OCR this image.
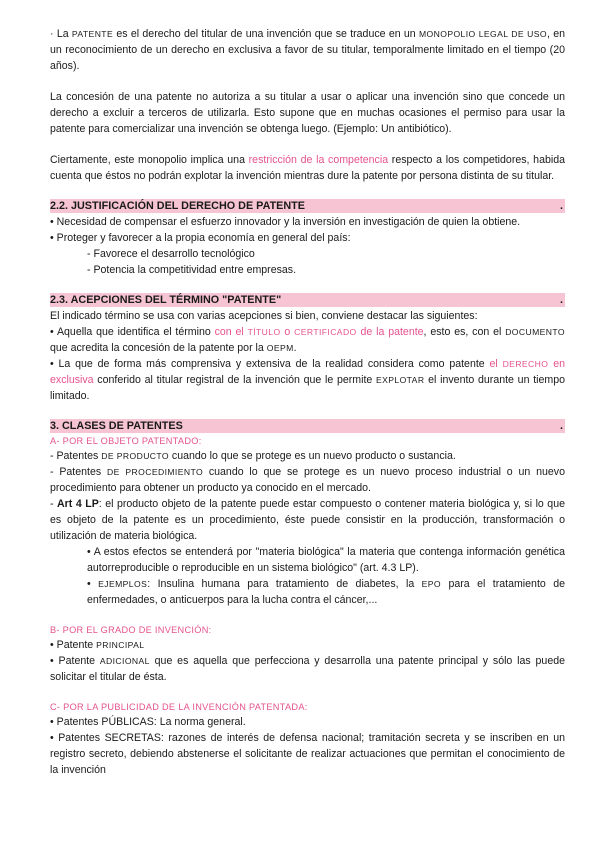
· La PATENTE es el derecho del titular de una invención que se traduce en un MONOPOLIO LEGAL DE USO, en un reconocimiento de un derecho en exclusiva a favor de su titular, temporalmente limitado en el tiempo (20 años).

La concesión de una patente no autoriza a su titular a usar o aplicar una invención sino que concede un derecho a excluir a terceros de utilizarla. Esto supone que en muchas ocasiones el permiso para usar la patente para comercializar una invención se obtenga luego. (Ejemplo: Un antibiótico).

Ciertamente, este monopolio implica una restricción de la competencia respecto a los competidores, habida cuenta que éstos no podrán explotar la invención mientras dure la patente por persona distinta de su titular.

2.2. JUSTIFICACIÓN DEL DERECHO DE PATENTE	.

• Necesidad de compensar el esfuerzo innovador y la inversión en investigación de quien la obtiene.

• Proteger y favorecer a la propia economía en general del país:

- Favorece el desarrollo tecnológico

- Potencia la competitividad entre empresas.

2.3. ACEPCIONES DEL TÉRMINO "PATENTE"	.

El indicado término se usa con varias acepciones si bien, conviene destacar las siguientes:

• Aquella que identifica el término con el TÍTULO o CERTIFICADO de la patente, esto es, con el DOCUMENTO que acredita la concesión de la patente por la OEPM.

• La que de forma más comprensiva y extensiva de la realidad considera como patente el DERECHO en exclusiva conferido al titular registral de la invención que le permite EXPLOTAR el invento durante un tiempo limitado.

3. CLASES DE PATENTES	.

A- POR EL OBJETO PATENTADO:

- Patentes DE PRODUCTO cuando lo que se protege es un nuevo producto o sustancia.

- Patentes DE PROCEDIMIENTO cuando lo que se protege es un nuevo proceso industrial o un nuevo procedimiento para obtener un producto ya conocido en el mercado.

- Art 4 LP: el producto objeto de la patente puede estar compuesto o contener materia biológica y, si lo que es objeto de la patente es un procedimiento, éste puede consistir en la producción, transformación o utilización de materia biológica.

• A estos efectos se entenderá por "materia biológica" la materia que contenga información genética autorreproducible o reproducible en un sistema biológico" (art. 4.3 LP).

• EJEMPLOS: Insulina humana para tratamiento de diabetes, la EPO para el tratamiento de enfermedades, o anticuerpos para la lucha contra el cáncer,...

B- POR EL GRADO DE INVENCIÓN:

• Patente PRINCIPAL

• Patente ADICIONAL que es aquella que perfecciona y desarrolla una patente principal y sólo las puede solicitar el titular de ésta.

C- POR LA PUBLICIDAD DE LA INVENCIÓN PATENTADA:

• Patentes PÚBLICAS: La norma general.

• Patentes SECRETAS: razones de interés de defensa nacional; tramitación secreta y se inscriben en un registro secreto, debiendo abstenerse el solicitante de realizar actuaciones que permitan el conocimiento de la invención
